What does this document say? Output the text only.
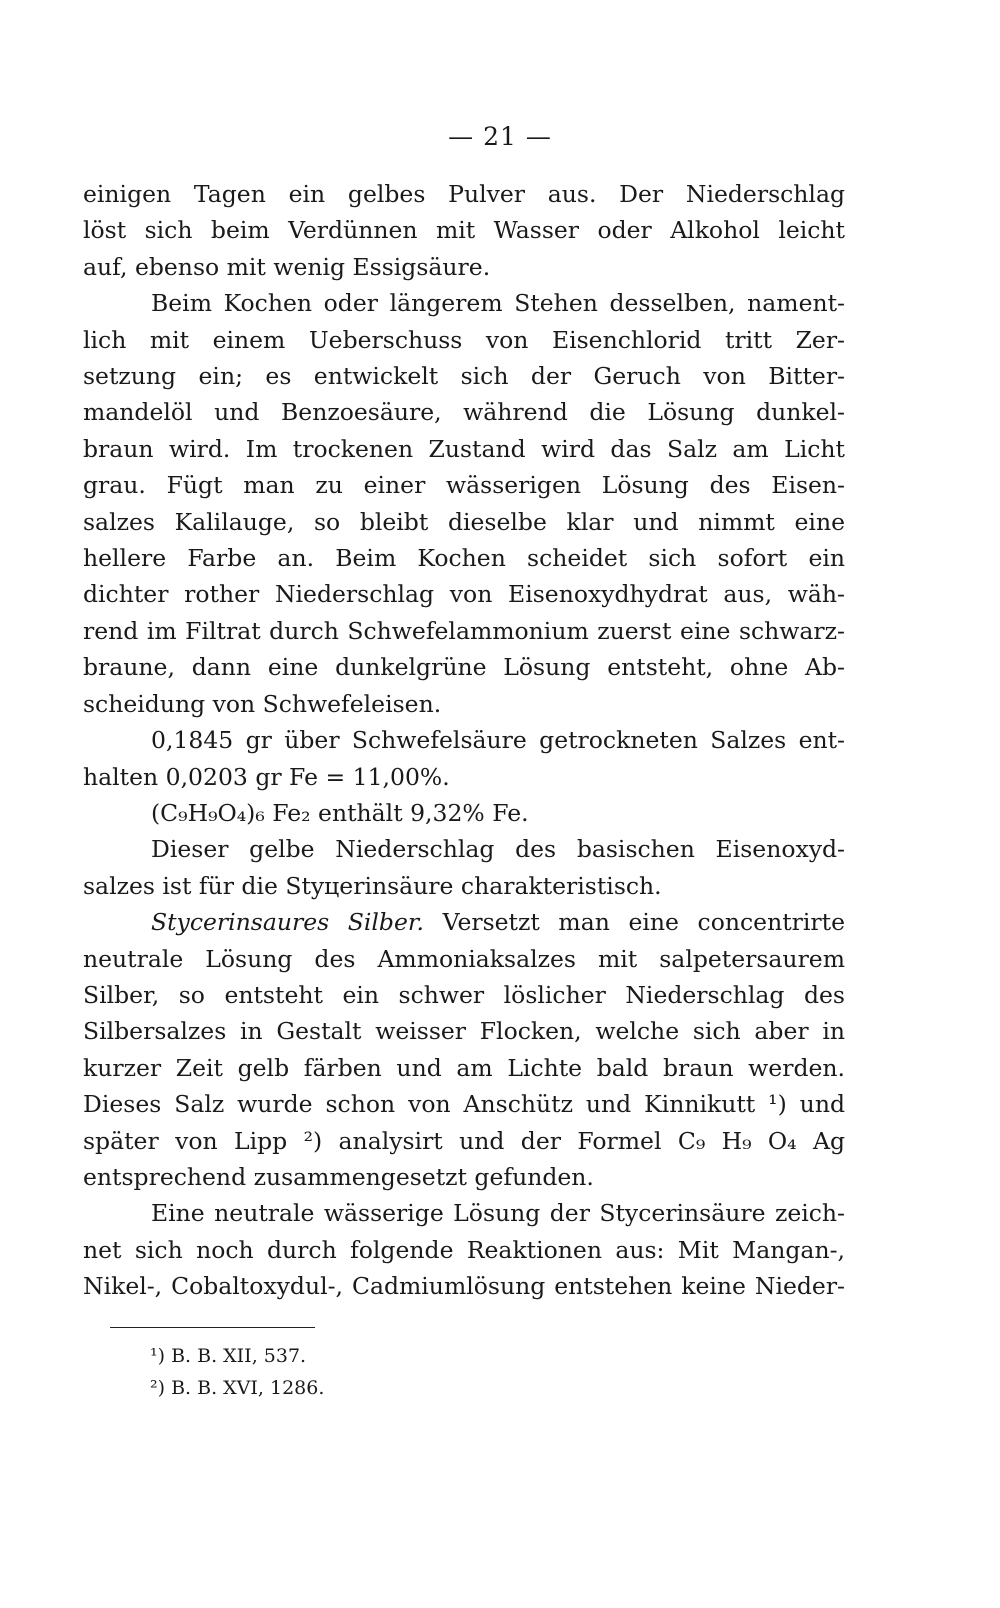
— 21 —
einigen Tagen ein gelbes Pulver aus. Der Niederschlag
löst sich beim Verdünnen mit Wasser oder Alkohol leicht
auf, ebenso mit wenig Essigsäure.
Beim Kochen oder längerem Stehen desselben, nament-
lich mit einem Ueberschuss von Eisenchlorid tritt Zer-
setzung ein; es entwickelt sich der Geruch von Bitter-
mandelöl und Benzoesäure, während die Lösung dunkel-
braun wird. Im trockenen Zustand wird das Salz am Licht
grau. Fügt man zu einer wässerigen Lösung des Eisen-
salzes Kalilauge, so bleibt dieselbe klar und nimmt eine
hellere Farbe an. Beim Kochen scheidet sich sofort ein
dichter rother Niederschlag von Eisenoxydhydrat aus, wäh-
rend im Filtrat durch Schwefelammonium zuerst eine schwarz-
braune, dann eine dunkelgrüne Lösung entsteht, ohne Ab-
scheidung von Schwefeleisen.
0,1845 gr über Schwefelsäure getrockneten Salzes ent-
halten 0,0203 gr Fe = 11,00%.
(C₉H₉O₄)₆ Fe₂ enthält 9,32% Fe.
Dieser gelbe Niederschlag des basischen Eisenoxyd-
salzes ist für die Styцerinsäure charakteristisch.
Stycerinsaures Silber. Versetzt man eine concentrirte
neutrale Lösung des Ammoniaksalzes mit salpetersaurem
Silber, so entsteht ein schwer löslicher Niederschlag des
Silbersalzes in Gestalt weisser Flocken, welche sich aber in
kurzer Zeit gelb färben und am Lichte bald braun werden.
Dieses Salz wurde schon von Anschütz und Kinnikutt ¹) und
später von Lipp ²) analysirt und der Formel C₉ H₉ O₄ Ag
entsprechend zusammengesetzt gefunden.
Eine neutrale wässerige Lösung der Stycerinsäure zeich-
net sich noch durch folgende Reaktionen aus: Mit Mangan-,
Nikel-, Cobaltoxydul-, Cadmiumlösung entstehen keine Nieder-
¹) B. B. XII, 537.
²) B. B. XVI, 1286.
